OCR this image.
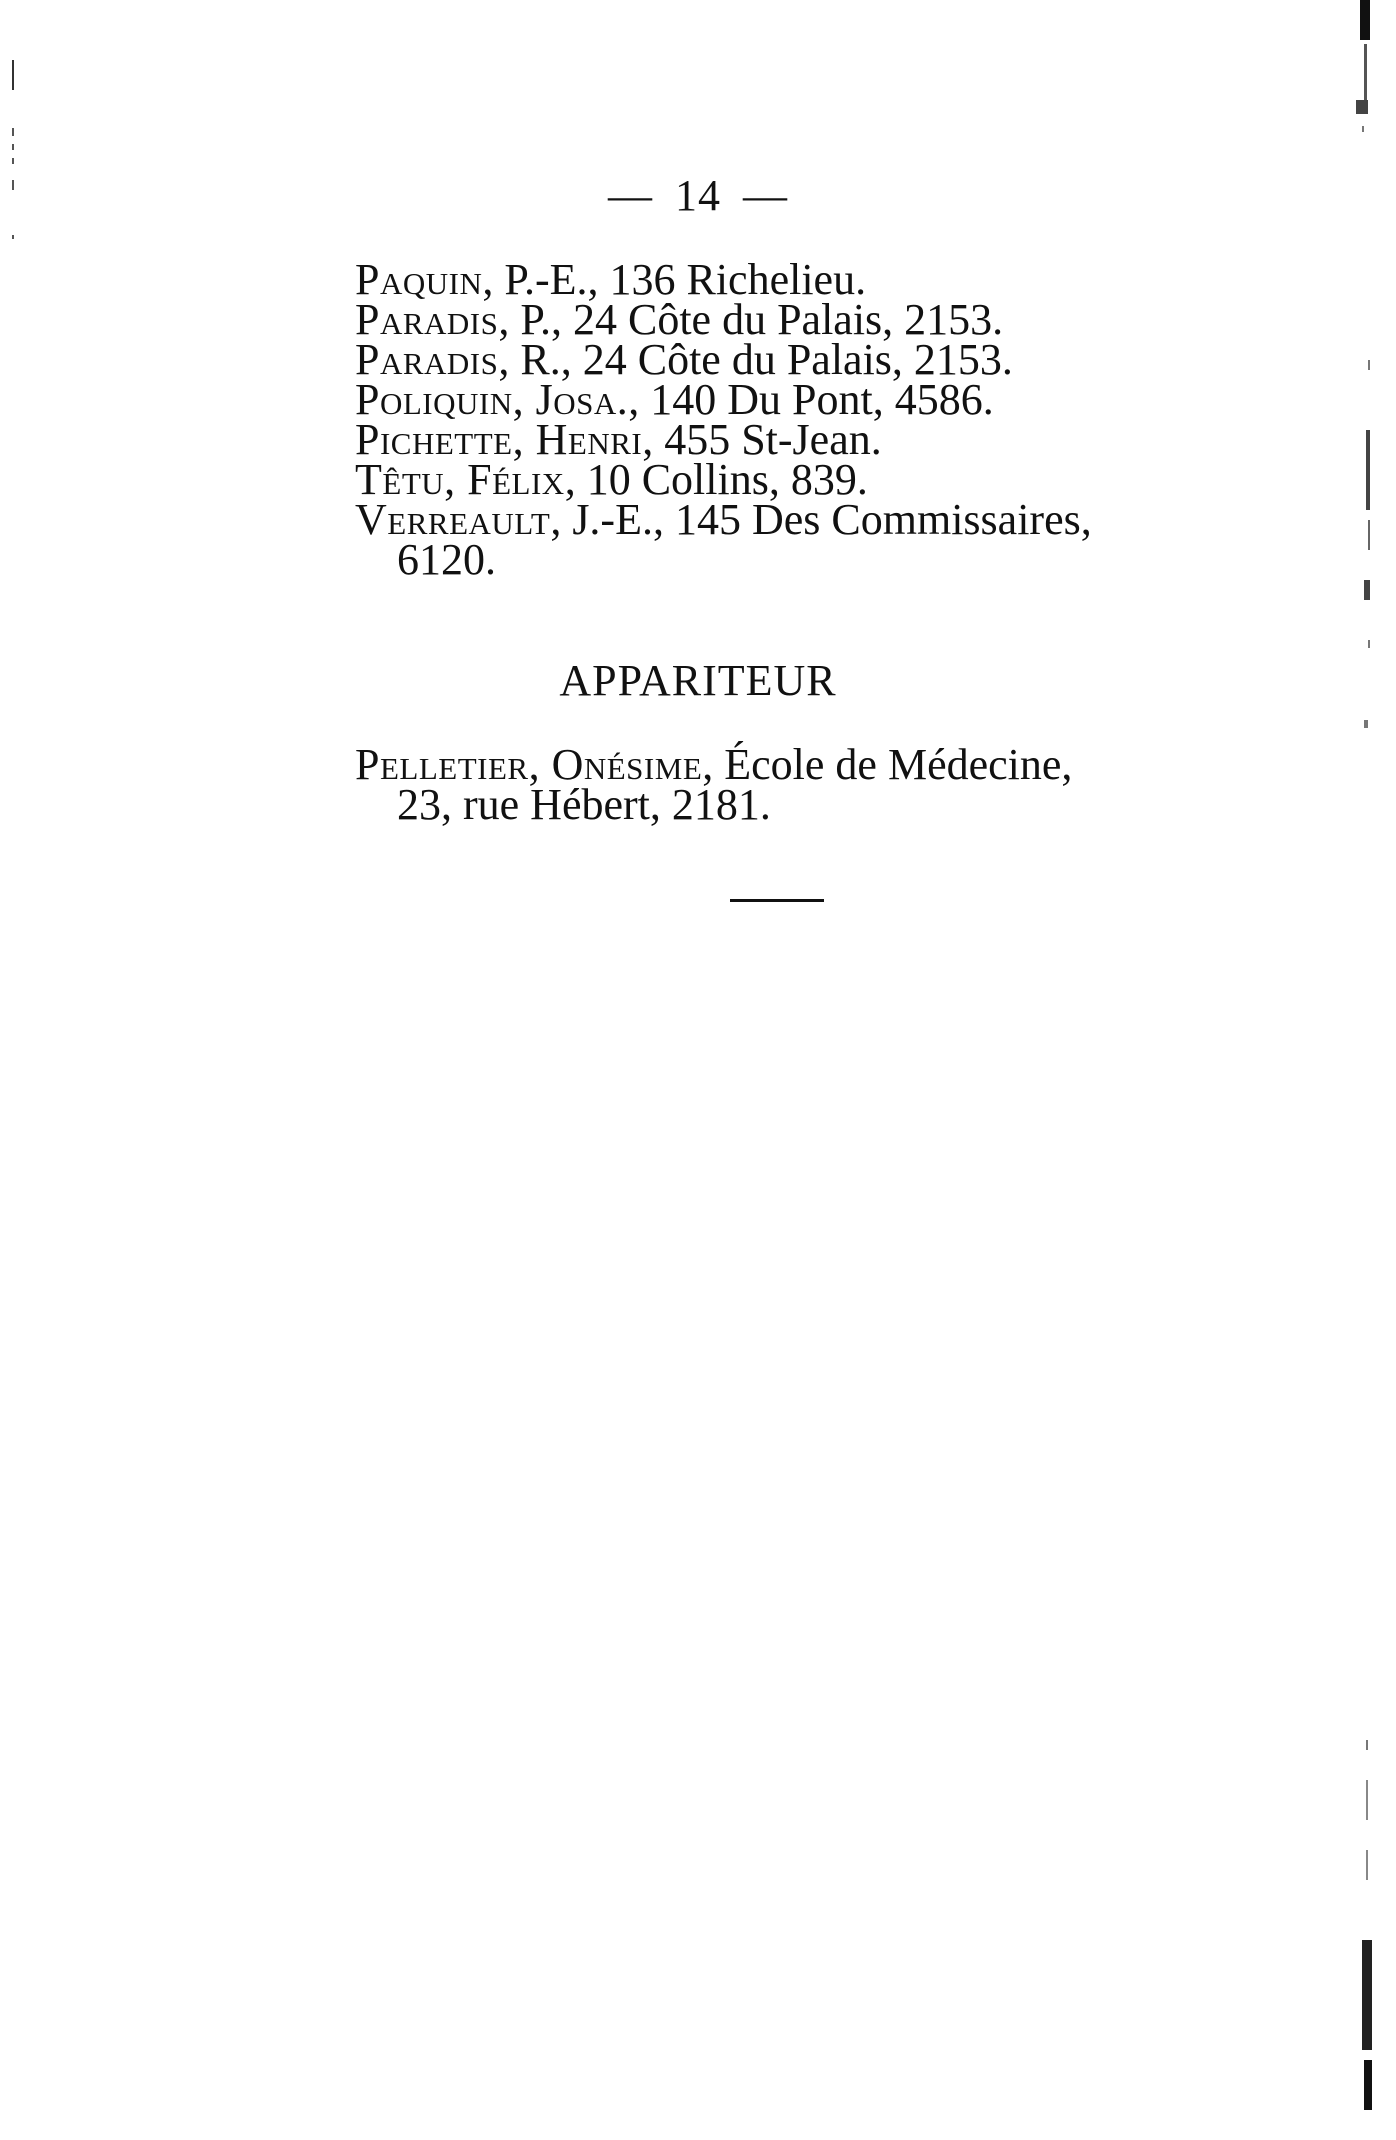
— 14 —
Paquin, P.-E., 136 Richelieu.
Paradis, P., 24 Côte du Palais, 2153.
Paradis, R., 24 Côte du Palais, 2153.
Poliquin, Josa., 140 Du Pont, 4586.
Pichette, Henri, 455 St-Jean.
Têtu, Félix, 10 Collins, 839.
Verreault, J.-E., 145 Des Commissaires,
6120.
APPARITEUR
Pelletier, Onésime, École de Médecine,
23, rue Hébert, 2181.
